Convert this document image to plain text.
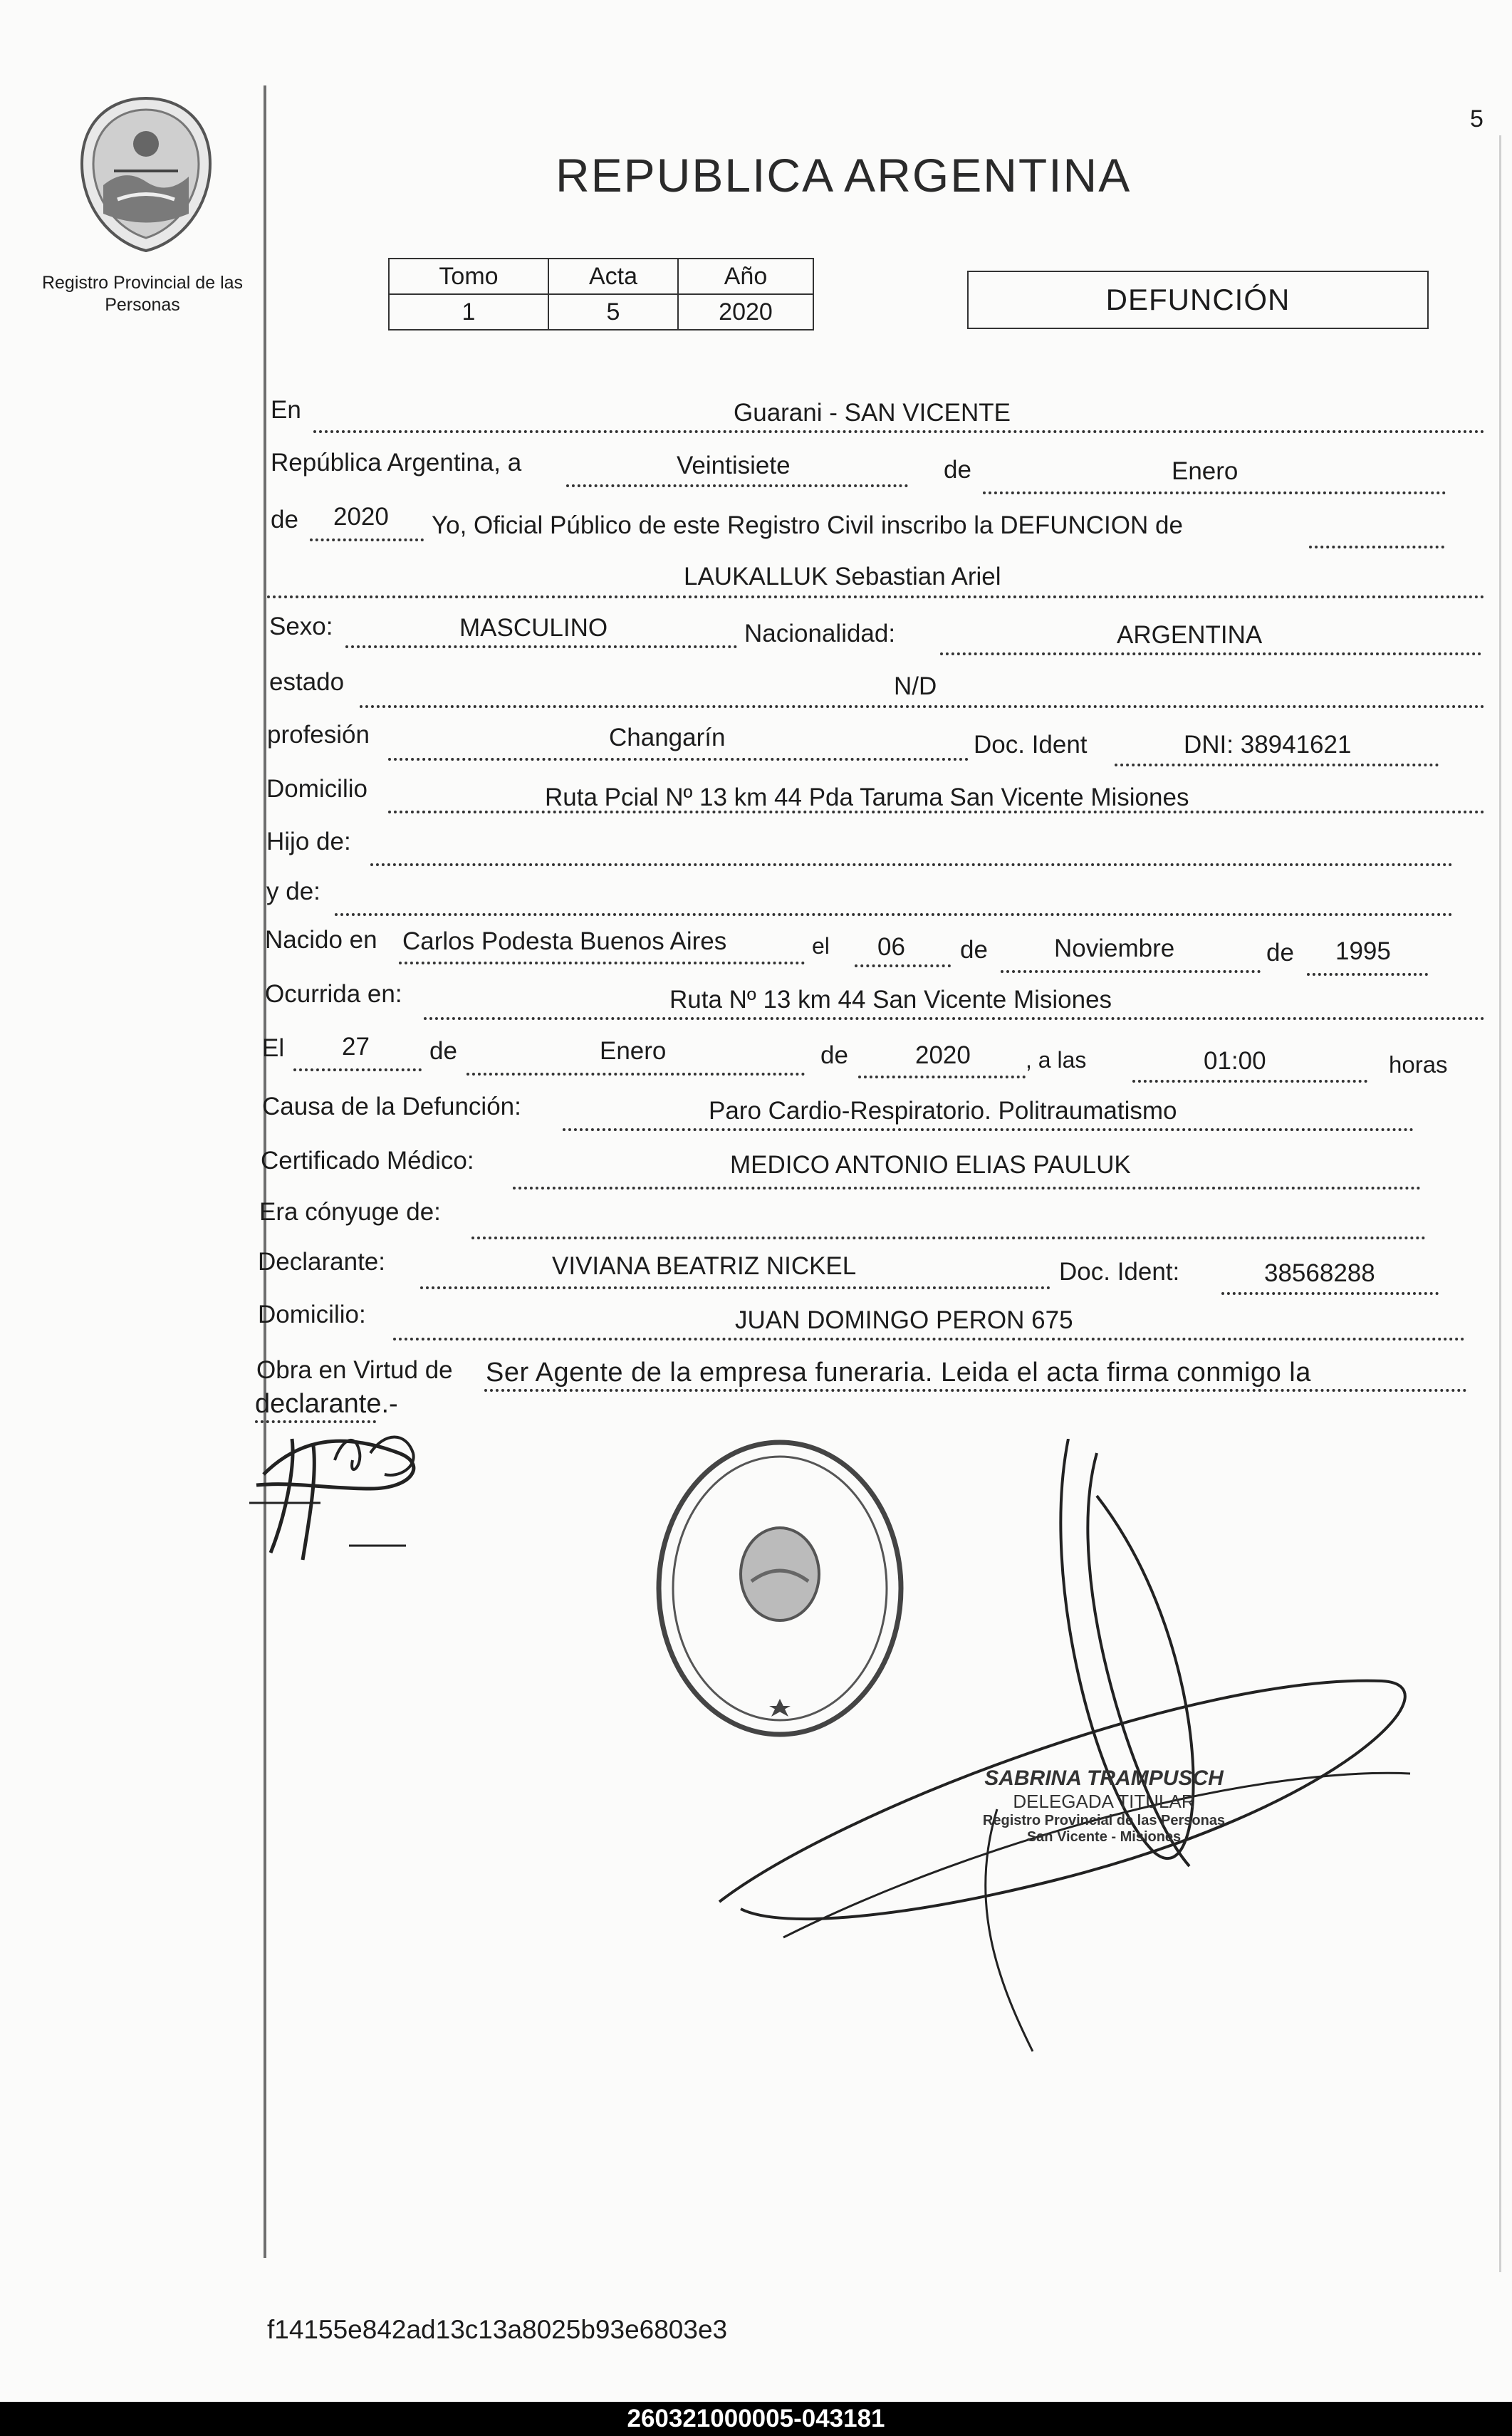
5
Registro Provincial de las Personas
REPUBLICA ARGENTINA
Tomo	Acta	Año
1	5	2020	DEFUNCIÓN
En	Guarani - SAN VICENTE
República Argentina, a	Veintisiete	de	Enero
de 2020 Yo, Oficial Público de este Registro Civil inscribo la DEFUNCION de
LAUKALLUK Sebastian Ariel
Sexo:	MASCULINO	Nacionalidad:	ARGENTINA
estado	N/D
profesión	Changarín	Doc. Ident	DNI: 38941621
Domicilio	Ruta Pcial Nº 13 km 44 Pda Taruma San Vicente Misiones
Hijo de:
y de:
Nacido en Carlos Podesta Buenos Aires	el 06 de	Noviembre	de 1995
Ocurrida en:	Ruta Nº 13 km 44 San Vicente Misiones
El 27 de	Enero	de	2020 , a las	01:00	horas
Causa de la Defunción:	Paro Cardio-Respiratorio. Politraumatismo
Certificado Médico:	MEDICO ANTONIO ELIAS PAULUK
Era cónyuge de:
Declarante:	VIVIANA BEATRIZ NICKEL	Doc. Ident:	38568288
Domicilio:	JUAN DOMINGO PERON 675
Obra en Virtud de Ser Agente de la empresa funeraria. Leida el acta firma conmigo la
declarante.-
SABRINA TRAMPUSCH
DELEGADA TITULAR
Registro Provincial de las Personas
San Vicente - Misiones
f14155e842ad13c13a8025b93e6803e3
260321000005-043181
